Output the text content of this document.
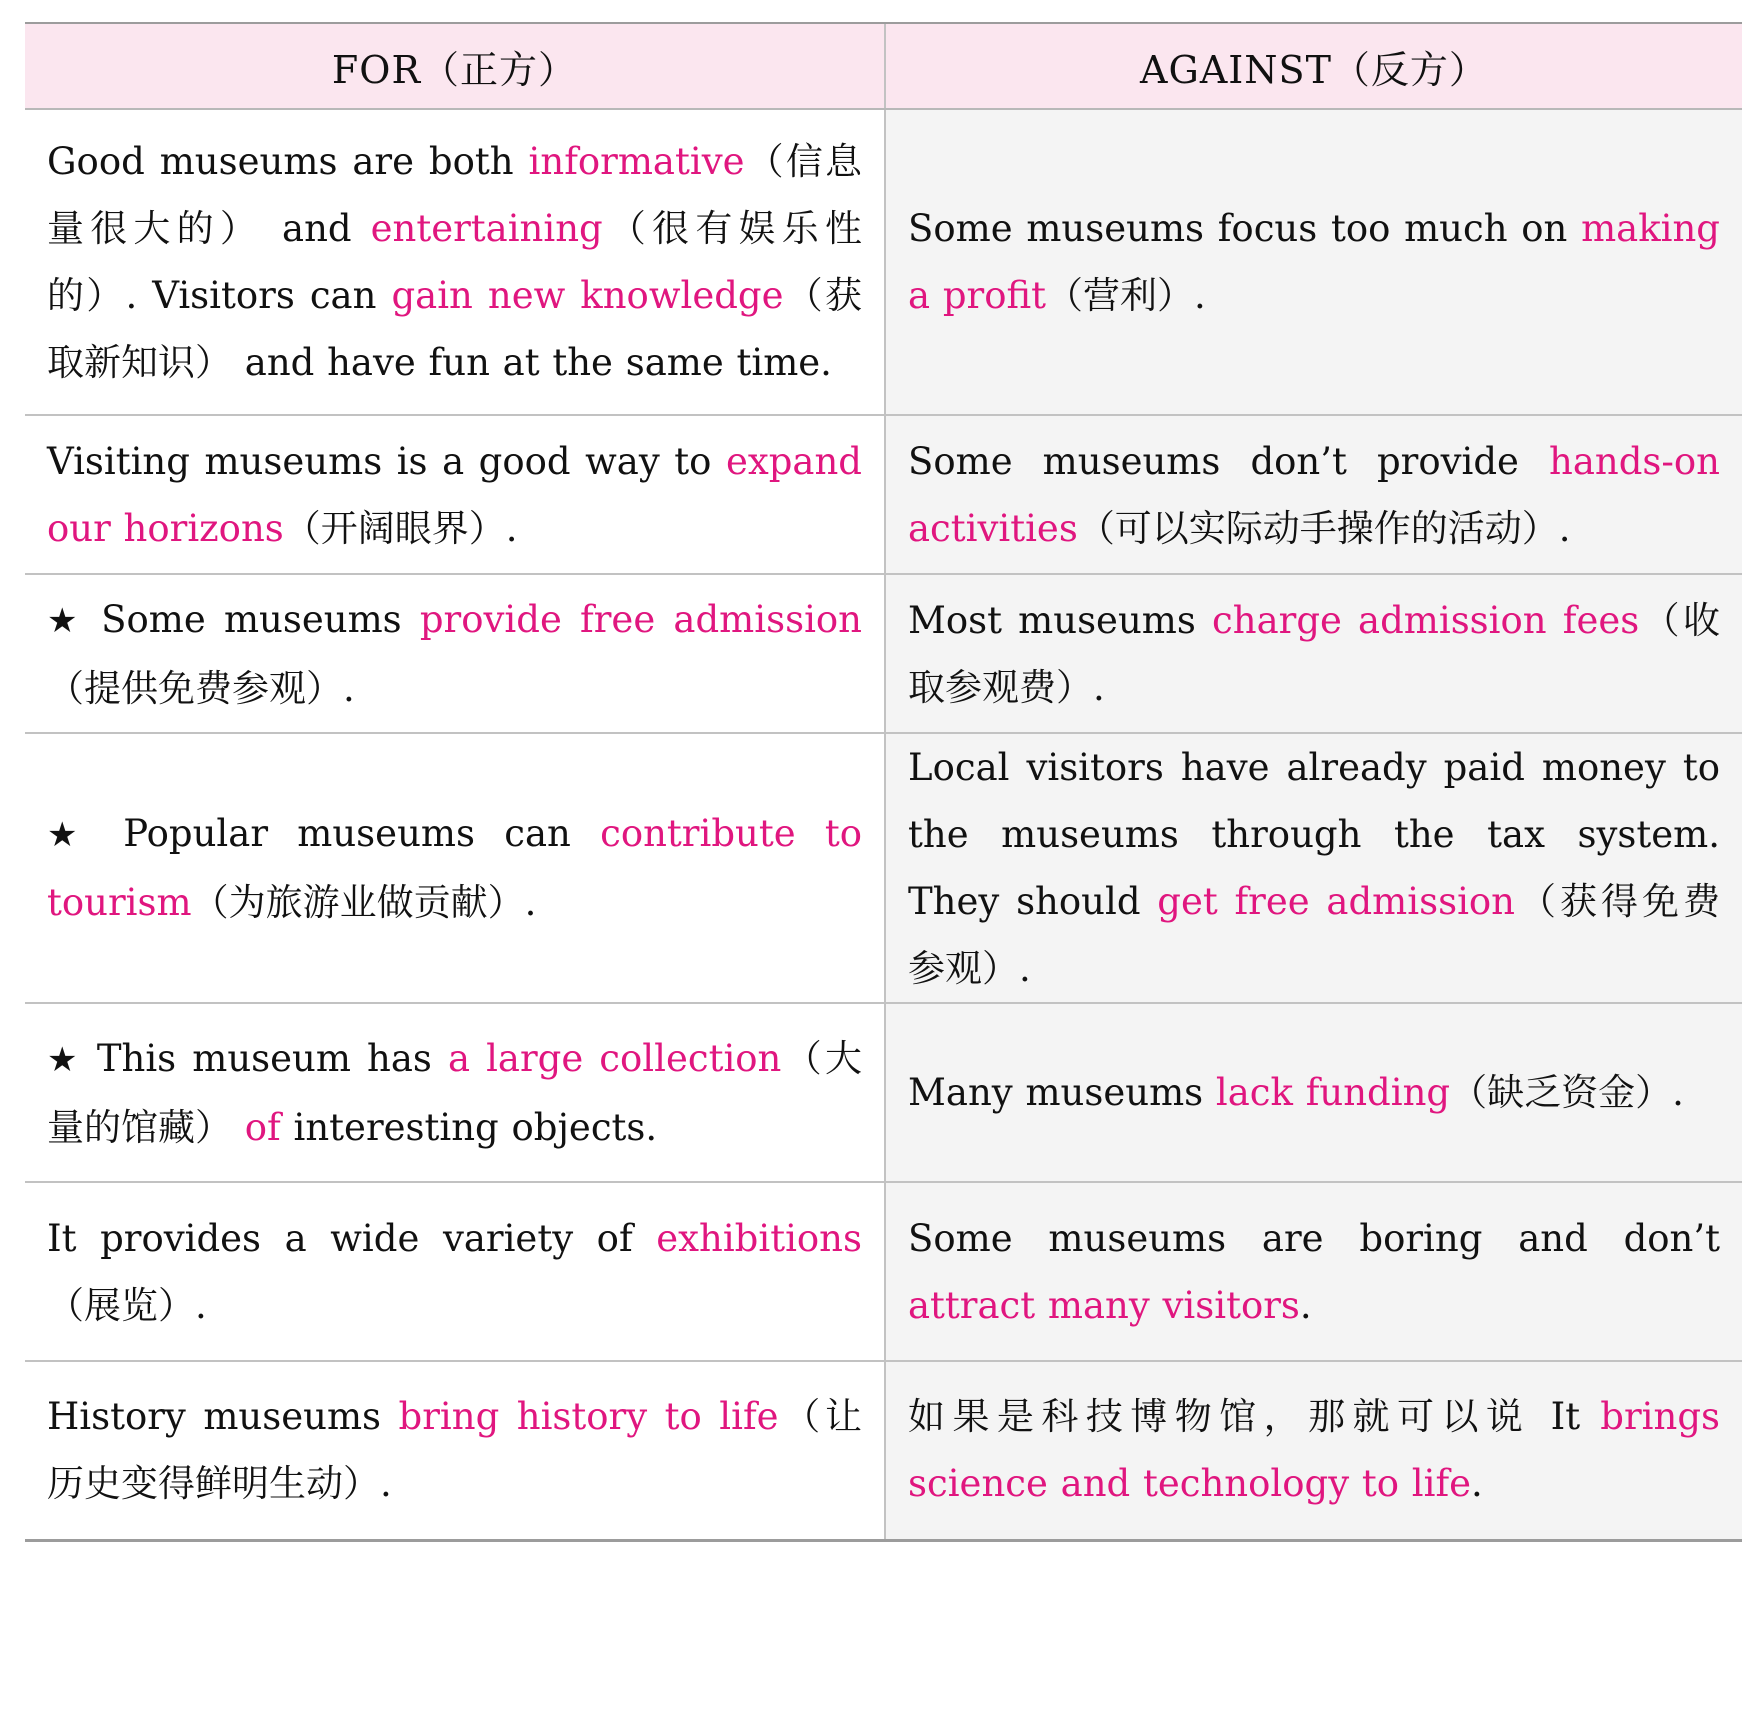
FOR（正方）	AGAINST（反方）
Good museums are both informative（信息量很大的） and entertaining（很有娱乐性的）. Visitors can gain new knowledge（获取新知识） and have fun at the same time.	Some museums focus too much on making a profit（营利）.
Visiting museums is a good way to expand our horizons（开阔眼界）.	Some museums don’t provide hands-on activities（可以实际动手操作的活动）.
★ Some museums provide free admission（提供免费参观）.	Most museums charge admission fees（收取参观费）.
★ Popular museums can contribute to tourism（为旅游业做贡献）.	Local visitors have already paid money to the museums through the tax system. They should get free admission（获得免费参观）.
★ This museum has a large collection（大量的馆藏） of interesting objects.	Many museums lack funding（缺乏资金）.
It provides a wide variety of exhibitions（展览）.	Some museums are boring and don’t attract many visitors.
History museums bring history to life（让历史变得鲜明生动）.	如果是科技博物馆，那就可以说 It brings science and technology to life.
